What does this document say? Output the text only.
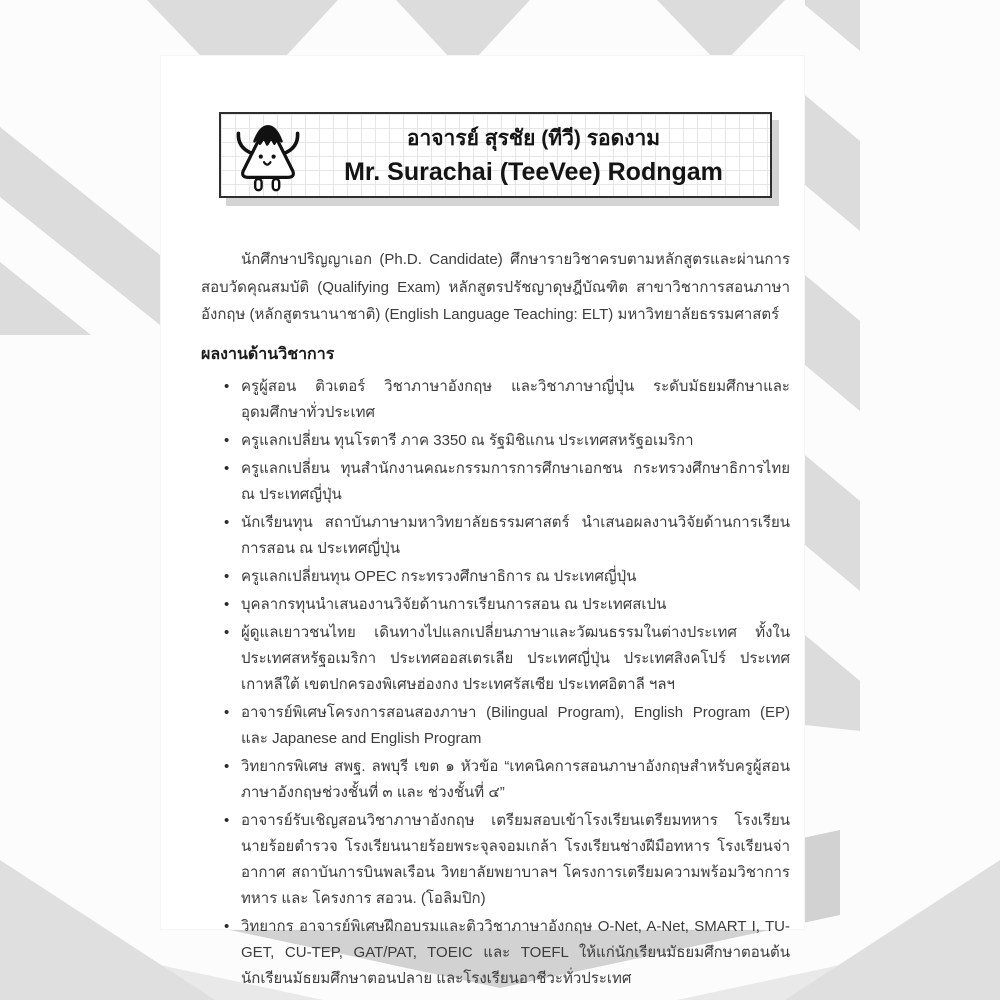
อาจารย์ สุรชัย (ทีวี) รอดงาม
Mr. Surachai (TeeVee) Rodngam

นักศึกษาปริญญาเอก (Ph.D. Candidate) ศึกษารายวิชาครบตามหลักสูตรและผ่านการสอบวัดคุณสมบัติ (Qualifying Exam) หลักสูตรปรัชญาดุษฎีบัณฑิต สาขาวิชาการสอนภาษาอังกฤษ (หลักสูตรนานาชาติ) (English Language Teaching: ELT) มหาวิทยาลัยธรรมศาสตร์

ผลงานด้านวิชาการ
• ครูผู้สอน ติวเตอร์ วิชาภาษาอังกฤษ และวิชาภาษาญี่ปุ่น ระดับมัธยมศึกษาและอุดมศึกษาทั่วประเทศ
• ครูแลกเปลี่ยน ทุนโรตารี ภาค 3350 ณ รัฐมิชิแกน ประเทศสหรัฐอเมริกา
• ครูแลกเปลี่ยน ทุนสำนักงานคณะกรรมการการศึกษาเอกชน กระทรวงศึกษาธิการไทย ณ ประเทศญี่ปุ่น
• นักเรียนทุน สถาบันภาษามหาวิทยาลัยธรรมศาสตร์ นำเสนอผลงานวิจัยด้านการเรียนการสอน ณ ประเทศญี่ปุ่น
• ครูแลกเปลี่ยนทุน OPEC กระทรวงศึกษาธิการ ณ ประเทศญี่ปุ่น
• บุคลากรทุนนำเสนองานวิจัยด้านการเรียนการสอน ณ ประเทศสเปน
• ผู้ดูแลเยาวชนไทย เดินทางไปแลกเปลี่ยนภาษาและวัฒนธรรมในต่างประเทศ ทั้งในประเทศสหรัฐอเมริกา ประเทศออสเตรเลีย ประเทศญี่ปุ่น ประเทศสิงคโปร์ ประเทศเกาหลีใต้ เขตปกครองพิเศษฮ่องกง ประเทศรัสเซีย ประเทศอิตาลี ฯลฯ
• อาจารย์พิเศษโครงการสอนสองภาษา (Bilingual Program), English Program (EP) และ Japanese and English Program
• วิทยากรพิเศษ สพฐ. ลพบุรี เขต ๑ หัวข้อ “เทคนิคการสอนภาษาอังกฤษสำหรับครูผู้สอนภาษาอังกฤษช่วงชั้นที่ ๓ และ ช่วงชั้นที่ ๔”
• อาจารย์รับเชิญสอนวิชาภาษาอังกฤษ เตรียมสอบเข้าโรงเรียนเตรียมทหาร โรงเรียนนายร้อยตำรวจ โรงเรียนนายร้อยพระจุลจอมเกล้า โรงเรียนช่างฝีมือทหาร โรงเรียนจ่าอากาศ สถาบันการบินพลเรือน วิทยาลัยพยาบาลฯ โครงการเตรียมความพร้อมวิชาการทหาร และ โครงการ สอวน. (โอลิมปิก)
• วิทยากร อาจารย์พิเศษฝึกอบรมและติววิชาภาษาอังกฤษ O-Net, A-Net, SMART I, TU-GET, CU-TEP, GAT/PAT, TOEIC และ TOEFL ให้แก่นักเรียนมัธยมศึกษาตอนต้น นักเรียนมัธยมศึกษาตอนปลาย และโรงเรียนอาชีวะทั่วประเทศ
